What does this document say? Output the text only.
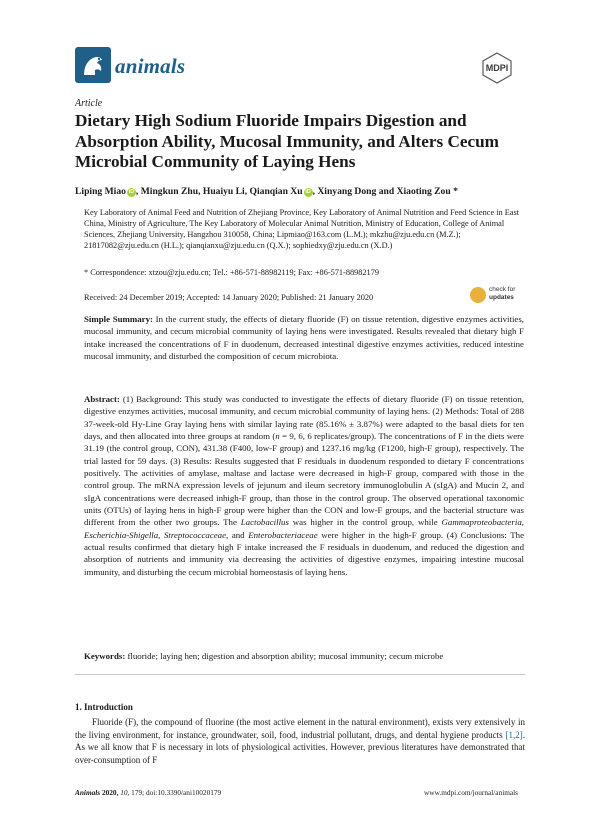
animals	MDPI
Article
Dietary High Sodium Fluoride Impairs Digestion and Absorption Ability, Mucosal Immunity, and Alters Cecum Microbial Community of Laying Hens
Liping Miao iD , Mingkun Zhu, Huaiyu Li, Qianqian Xu iD , Xinyang Dong and Xiaoting Zou *
Key Laboratory of Animal Feed and Nutrition of Zhejiang Province, Key Laboratory of Animal Nutrition and Feed Science in East China, Ministry of Agriculture, The Key Laboratory of Molecular Animal Nutrition, Ministry of Education, College of Animal Sciences, Zhejiang University, Hangzhou 310058, China; Lipmiao@163.com (L.M.); mkzhu@zju.edu.cn (M.Z.); 21817082@zju.edu.cn (H.L.); qianqianxu@zju.edu.cn (Q.X.); sophiedxy@zju.edu.cn (X.D.)
* Correspondence: xtzou@zju.edu.cn; Tel.: +86-571-88982119; Fax: +86-571-88982179
Received: 24 December 2019; Accepted: 14 January 2020; Published: 21 January 2020
check for
updates

Simple Summary: In the current study, the effects of dietary fluoride (F) on tissue retention, digestive enzymes activities, mucosal immunity, and cecum microbial community of laying hens were investigated. Results revealed that dietary high F intake increased the concentrations of F in duodenum, decreased intestinal digestive enzymes activities, reduced intestine mucosal immunity, and disturbed the composition of cecum microbiota.

Abstract: (1) Background: This study was conducted to investigate the effects of dietary fluoride (F) on tissue retention, digestive enzymes activities, mucosal immunity, and cecum microbial community of laying hens. (2) Methods: Total of 288 37-week-old Hy-Line Gray laying hens with similar laying rate (85.16% ± 3.87%) were adapted to the basal diets for ten days, and then allocated into three groups at random (n = 9, 6, 6 replicates/group). The concentrations of F in the diets were 31.19 (the control group, CON), 431.38 (F400, low-F group) and 1237.16 mg/kg (F1200, high-F group), respectively. The trial lasted for 59 days. (3) Results: Results suggested that F residuals in duodenum responded to dietary F concentrations positively. The activities of amylase, maltase and lactase were decreased in high-F group, compared with those in the control group. The mRNA expression levels of jejunum and ileum secretory immunoglobulin A (sIgA) and Mucin 2, and sIgA concentrations were decreased inhigh-F group, than those in the control group. The observed operational taxonomic units (OTUs) of laying hens in high-F group were higher than the CON and low-F groups, and the bacterial structure was different from the other two groups. The Lactobacillus was higher in the control group, while Gammaproteobacteria, Escherichia-Shigella, Streptococcaceae, and Enterobacteriaceae were higher in the high-F group. (4) Conclusions: The actual results confirmed that dietary high F intake increased the F residuals in duodenum, and reduced the digestion and absorption of nutrients and immunity via decreasing the activities of digestive enzymes, impairing intestine mucosal immunity, and disturbing the cecum microbial homeostasis of laying hens.

Keywords: fluoride; laying hen; digestion and absorption ability; mucosal immunity; cecum microbe

1. Introduction

Fluoride (F), the compound of fluorine (the most active element in the natural environment), exists very extensively in the living environment, for instance, groundwater, soil, food, industrial pollutant, drugs, and dental hygiene products [1,2]. As we all know that F is necessary in lots of physiological activities. However, previous literatures have demonstrated that over-consumption of F

Animals 2020, 10, 179; doi:10.3390/ani10020179	www.mdpi.com/journal/animals
